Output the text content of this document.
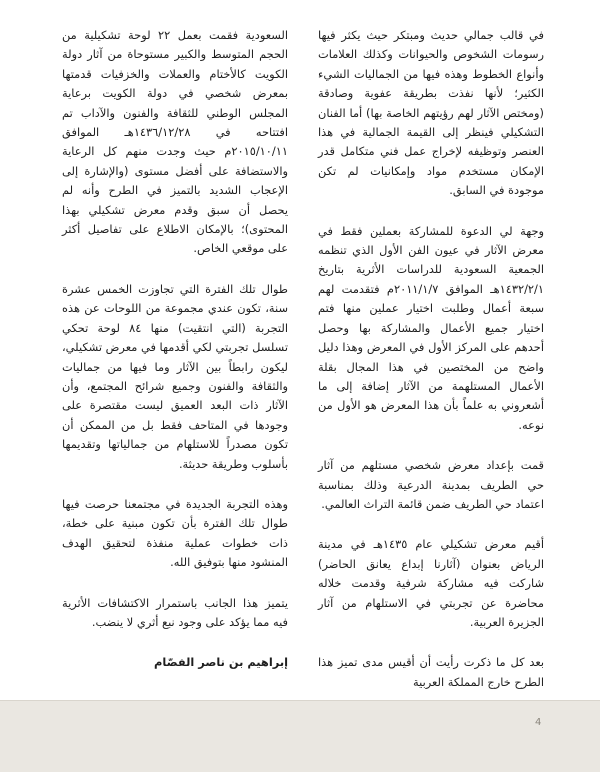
في قالب جمالي حديث ومبتكر حيث يكثر فيها رسومات الشخوص والحيوانات وكذلك العلامات وأنواع الخطوط وهذه فيها من الجماليات الشيء الكثير؛ لأنها نفذت بطريقة عفوية وصادقة (ومختص الآثار لهم رؤيتهم الخاصة بها) أما الفنان التشكيلي فينظر إلى القيمة الجمالية في هذا العنصر وتوظيفه لإخراج عمل فني متكامل قدر الإمكان مستخدم مواد وإمكانيات لم تكن موجودة في السابق.

وجهة لي الدعوة للمشاركة بعملين فقط في معرض الآثار في عيون الفن الأول الذي تنظمه الجمعية السعودية للدراسات الأثرية بتاريخ ١٤٣٢/٢/١هـ الموافق ٢٠١١/١/٧م فتقدمت لهم سبعة أعمال وطلبت اختيار عملين منها فتم اختيار جميع الأعمال والمشاركة بها وحصل أحدهم على المركز الأول في المعرض وهذا دليل واضح من المختصين في هذا المجال بقلة الأعمال المستلهمة من الآثار إضافة إلى ما أشعروني به علماً بأن هذا المعرض هو الأول من نوعه.

قمت بإعداد معرض شخصي مستلهم من آثار حي الطريف بمدينة الدرعية وذلك بمناسبة اعتماد حي الطريف ضمن قائمة التراث العالمي.

أقيم معرض تشكيلي عام ١٤٣٥هـ في مدينة الرياض بعنوان (آثارنا إبداع يعانق الحاضر) شاركت فيه مشاركة شرفية وقدمت خلاله محاضرة عن تجربتي في الاستلهام من آثار الجزيرة العربية.

بعد كل ما ذكرت رأيت أن أقيس مدى تميز هذا الطرح خارج المملكة العربية

السعودية فقمت بعمل ٢٢ لوحة تشكيلية من الحجم المتوسط والكبير مستوحاة من آثار دولة الكويت كالأختام والعملات والخزفيات قدمتها بمعرض شخصي في دولة الكويت برعاية المجلس الوطني للثقافة والفنون والآداب تم افتتاحه في ١٤٣٦/١٢/٢٨هـ الموافق ٢٠١٥/١٠/١١م حيث وجدت منهم كل الرعاية والاستضافة على أفضل مستوى (والإشارة إلى الإعجاب الشديد بالتميز في الطرح وأنه لم يحصل أن سبق وقدم معرض تشكيلي بهذا المحتوى)؛ بالإمكان الاطلاع على تفاصيل أكثر على موقعي الخاص.

طوال تلك الفترة التي تجاوزت الخمس عشرة سنة، تكون عندي مجموعة من اللوحات عن هذه التجربة (التي انتقيت) منها ٨٤ لوحة تحكي تسلسل تجربتي لكي أقدمها في معرض تشكيلي، ليكون رابطاً بين الآثار وما فيها من جماليات والثقافة والفنون وجميع شرائح المجتمع، وأن الآثار ذات البعد العميق ليست مقتصرة على وجودها في المتاحف فقط بل من الممكن أن تكون مصدراً للاستلهام من جمالياتها وتقديمها بأسلوب وطريقة حديثة.

وهذه التجربة الجديدة في مجتمعنا حرصت فيها طوال تلك الفترة بأن تكون مبنية على خطة، ذات خطوات عملية منفذة لتحقيق الهدف المنشود منها بتوفيق الله.

يتميز هذا الجانب باستمرار الاكتشافات الأثرية فيه مما يؤكد على وجود نبع أثري لا ينضب.

إبراهيم بن ناصر الفصّام

4
